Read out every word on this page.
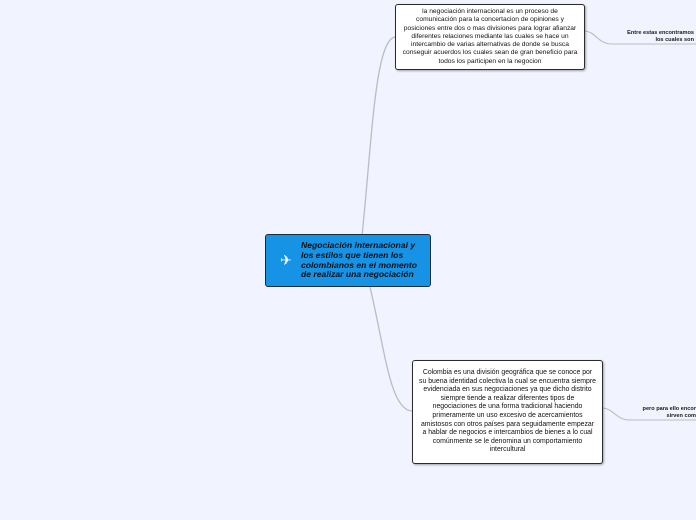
✈
Negociación internacional y los estilos que tienen los colombianos en el momento de realizar una negociación
la negociación internacional es un proceso de comunicación para la concertacion de opiniones y posiciones entre dos o mas divisiones para lograr afianzar diferentes relaciones mediante las cuales se hace un intercambio de varias alternativas de donde se busca conseguir acuerdos los cuales sean de gran beneficio para todos los participen en la negocion
Colombia es una división geográfica que se conoce por su buena identidad colectiva la cual se encuentra siempre evidenciada en sus negociaciones ya que dicho distrito siempre tiende a realizar diferentes tipos de negociaciones de una forma tradicional haciendo primeramente un uso excesivo de acercamientos amistosos con otros países para seguidamente empezar a hablar de negocios e intercambios de bienes a lo cual comúnmente se le denomina un comportamiento intercultural
Entre estas encontramos
los cuales son
pero para ello encor
sirven com
